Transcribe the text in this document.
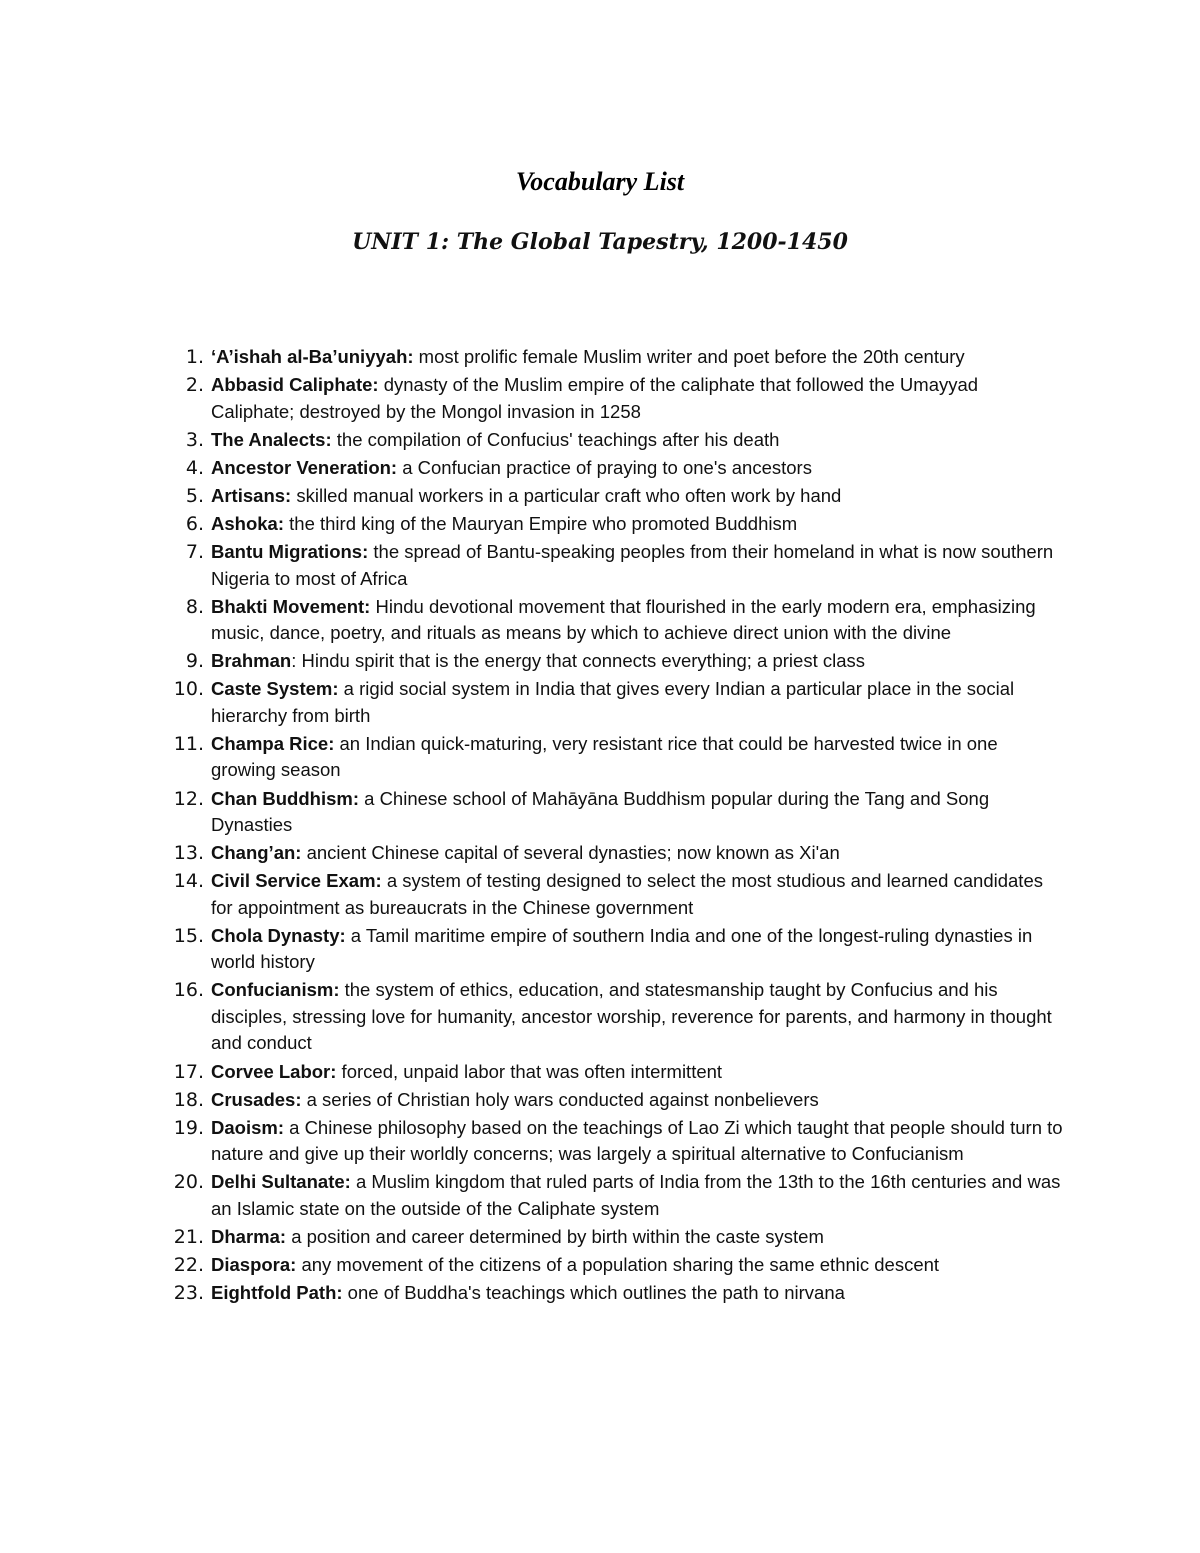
Vocabulary List
UNIT 1: The Global Tapestry, 1200-1450
1. ‘A’ishah al-Ba’uniyyah: most prolific female Muslim writer and poet before the 20th century
2. Abbasid Caliphate: dynasty of the Muslim empire of the caliphate that followed the Umayyad Caliphate; destroyed by the Mongol invasion in 1258
3. The Analects: the compilation of Confucius' teachings after his death
4. Ancestor Veneration: a Confucian practice of praying to one's ancestors
5. Artisans: skilled manual workers in a particular craft who often work by hand
6. Ashoka: the third king of the Mauryan Empire who promoted Buddhism
7. Bantu Migrations: the spread of Bantu-speaking peoples from their homeland in what is now southern Nigeria to most of Africa
8. Bhakti Movement: Hindu devotional movement that flourished in the early modern era, emphasizing music, dance, poetry, and rituals as means by which to achieve direct union with the divine
9. Brahman: Hindu spirit that is the energy that connects everything; a priest class
10. Caste System: a rigid social system in India that gives every Indian a particular place in the social hierarchy from birth
11. Champa Rice: an Indian quick-maturing, very resistant rice that could be harvested twice in one growing season
12. Chan Buddhism: a Chinese school of Mahāyāna Buddhism popular during the Tang and Song Dynasties
13. Chang’an: ancient Chinese capital of several dynasties; now known as Xi'an
14. Civil Service Exam: a system of testing designed to select the most studious and learned candidates for appointment as bureaucrats in the Chinese government
15. Chola Dynasty: a Tamil maritime empire of southern India and one of the longest-ruling dynasties in world history
16. Confucianism: the system of ethics, education, and statesmanship taught by Confucius and his disciples, stressing love for humanity, ancestor worship, reverence for parents, and harmony in thought and conduct
17. Corvee Labor: forced, unpaid labor that was often intermittent
18. Crusades: a series of Christian holy wars conducted against nonbelievers
19. Daoism: a Chinese philosophy based on the teachings of Lao Zi which taught that people should turn to nature and give up their worldly concerns; was largely a spiritual alternative to Confucianism
20. Delhi Sultanate: a Muslim kingdom that ruled parts of India from the 13th to the 16th centuries and was an Islamic state on the outside of the Caliphate system
21. Dharma: a position and career determined by birth within the caste system
22. Diaspora: any movement of the citizens of a population sharing the same ethnic descent
23. Eightfold Path: one of Buddha's teachings which outlines the path to nirvana
